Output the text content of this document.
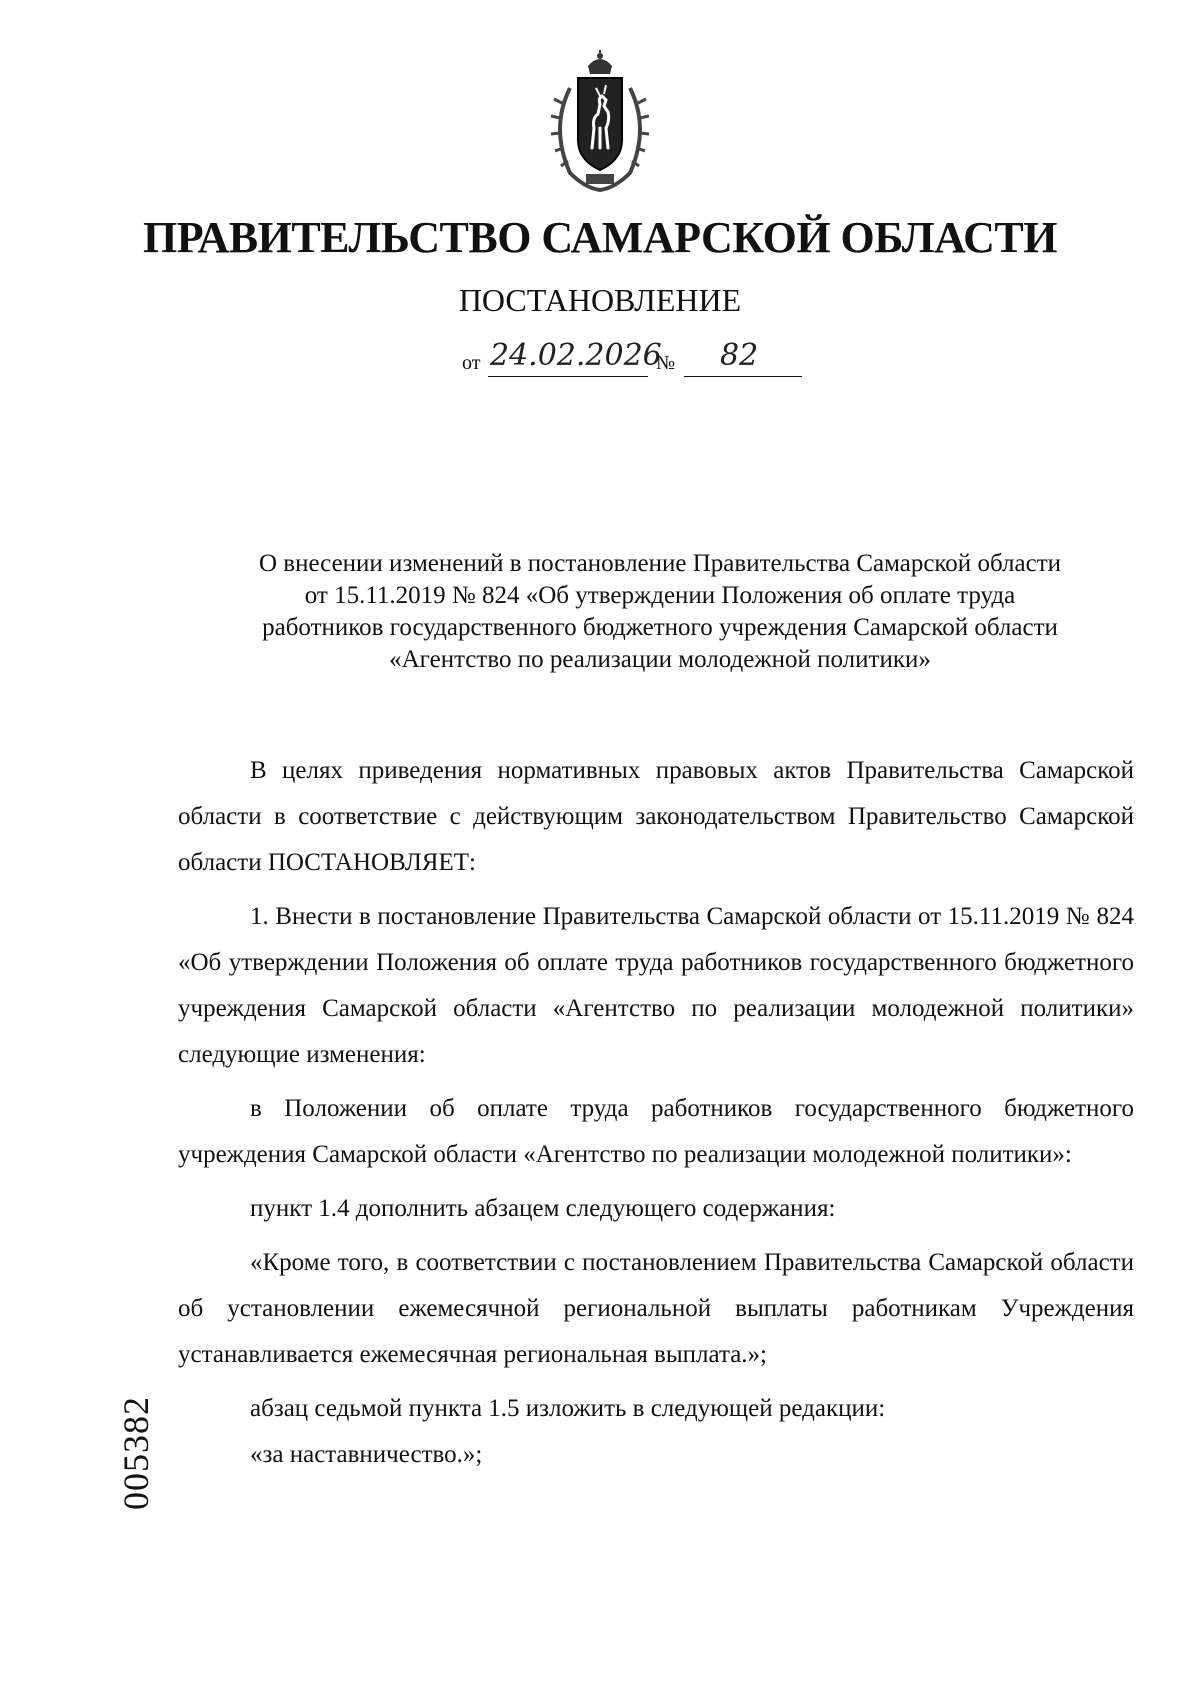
ПРАВИТЕЛЬСТВО САМАРСКОЙ ОБЛАСТИ
ПОСТАНОВЛЕНИЕ
от 24.02.2026
№ 82
О внесении изменений в постановление Правительства Самарской области
от 15.11.2019 № 824 «Об утверждении Положения об оплате труда
работников государственного бюджетного учреждения Самарской области
«Агентство по реализации молодежной политики»

В целях приведения нормативных правовых актов Правительства Самарской области в соответствие с действующим законодательством Правительство Самарской области ПОСТАНОВЛЯЕТ:

1. Внести в постановление Правительства Самарской области от 15.11.2019 № 824 «Об утверждении Положения об оплате труда работников государственного бюджетного учреждения Самарской области «Агентство по реализации молодежной политики» следующие изменения:

в Положении об оплате труда работников государственного бюджетного учреждения Самарской области «Агентство по реализации молодежной политики»:

пункт 1.4 дополнить абзацем следующего содержания:

«Кроме того, в соответствии с постановлением Правительства Самарской области об установлении ежемесячной региональной выплаты работникам Учреждения устанавливается ежемесячная региональная выплата.»;

абзац седьмой пункта 1.5 изложить в следующей редакции:

«за наставничество.»;

005382
